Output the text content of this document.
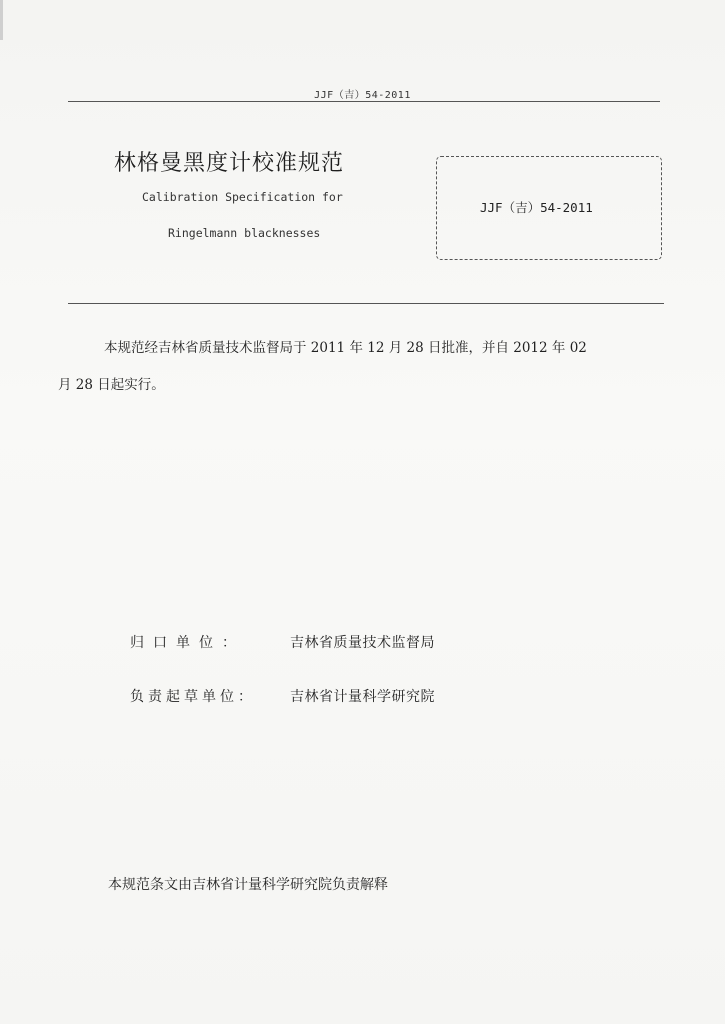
JJF（吉）54-2011
林格曼黑度计校准规范
Calibration Specification for
Ringelmann blacknesses
JJF（吉）54-2011
本规范经吉林省质量技术监督局于 2011 年 12 月 28 日批准，并自 2012 年 02
月 28 日起实行。
归口单位：	吉林省质量技术监督局
负责起草单位： 吉林省计量科学研究院
本规范条文由吉林省计量科学研究院负责解释
